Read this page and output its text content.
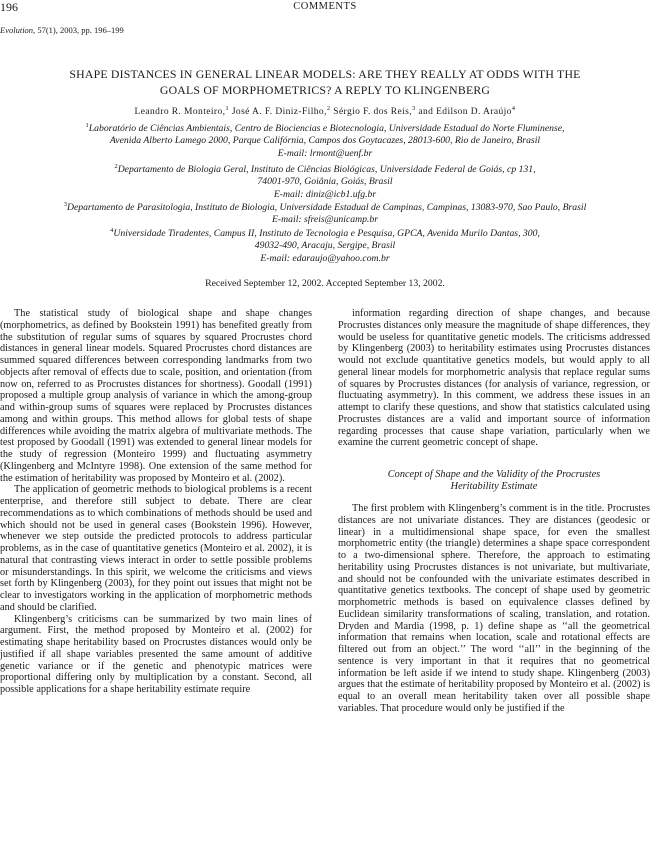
196	COMMENTS
Evolution, 57(1), 2003, pp. 196–199
SHAPE DISTANCES IN GENERAL LINEAR MODELS: ARE THEY REALLY AT ODDS WITH THE
GOALS OF MORPHOMETRICS? A REPLY TO KLINGENBERG
Leandro R. Monteiro,$^1$ José A. F. Diniz-Filho,$^2$ Sérgio F. dos Reis,$^3$ and Edilson D. Araújo$^4$
$^1$Laboratório de Ciências Ambientais, Centro de Biociencias e Biotecnologia, Universidade Estadual do Norte Fluminense,
Avenida Alberto Lamego 2000, Parque Califórnia, Campos dos Goytacazes, 28013-600, Rio de Janeiro, Brasil
E-mail: lrmont@uenf.br
$^2$Departamento de Biologia Geral, Instituto de Ciências Biológicas, Universidade Federal de Goiás, cp 131,
74001-970, Goiânia, Goiás, Brasil
E-mail: diniz@icb1.ufg.br
$^3$Departamento de Parasitologia, Instituto de Biologia, Universidade Estadual de Campinas, Campinas, 13083-970, Sao Paulo, Brasil
E-mail: sfreis@unicamp.br
$^4$Universidade Tiradentes, Campus II, Instituto de Tecnologia e Pesquisa, GPCA, Avenida Murilo Dantas, 300,
49032-490, Aracaju, Sergipe, Brasil
E-mail: edaraujo@yahoo.com.br
Received September 12, 2002. Accepted September 13, 2002.

The statistical study of biological shape and shape changes (morphometrics, as defined by Bookstein 1991) has benefited greatly from the substitution of regular sums of squares by squared Procrustes chord distances in general linear models. Squared Procrustes chord distances are summed squared differences between corresponding landmarks from two objects after removal of effects due to scale, position, and orientation (from now on, referred to as Procrustes distances for shortness). Goodall (1991) proposed a multiple group analysis of variance in which the among-group and within-group sums of squares were replaced by Procrustes distances among and within groups. This method allows for global tests of shape differences while avoiding the matrix algebra of multivariate methods. The test proposed by Goodall (1991) was extended to general linear models for the study of regression (Monteiro 1999) and fluctuating asymmetry (Klingenberg and McIntyre 1998). One extension of the same method for the estimation of heritability was proposed by Monteiro et al. (2002).

The application of geometric methods to biological problems is a recent enterprise, and therefore still subject to debate. There are clear recommendations as to which combinations of methods should be used and which should not be used in general cases (Bookstein 1996). However, whenever we step outside the predicted protocols to address particular problems, as in the case of quantitative genetics (Monteiro et al. 2002), it is natural that contrasting views interact in order to settle possible problems or misunderstandings. In this spirit, we welcome the criticisms and views set forth by Klingenberg (2003), for they point out issues that might not be clear to investigators working in the application of morphometric methods and should be clarified.

Klingenberg’s criticisms can be summarized by two main lines of argument. First, the method proposed by Monteiro et al. (2002) for estimating shape heritability based on Procrustes distances would only be justified if all shape variables presented the same amount of additive genetic variance or if the genetic and phenotypic matrices were proportional differing only by multiplication by a constant. Second, all possible applications for a shape heritability estimate require

information regarding direction of shape changes, and because Procrustes distances only measure the magnitude of shape differences, they would be useless for quantitative genetic models. The criticisms addressed by Klingenberg (2003) to heritability estimates using Procrustes distances would not exclude quantitative genetics models, but would apply to all general linear models for morphometric analysis that replace regular sums of squares by Procrustes distances (for analysis of variance, regression, or fluctuating asymmetry). In this comment, we address these issues in an attempt to clarify these questions, and show that statistics calculated using Procrustes distances are a valid and important source of information regarding processes that cause shape variation, particularly when we examine the current geometric concept of shape.

Concept of Shape and the Validity of the Procrustes
Heritability Estimate

The first problem with Klingenberg’s comment is in the title. Procrustes distances are not univariate distances. They are distances (geodesic or linear) in a multidimensional shape space, for even the smallest morphometric entity (the triangle) determines a shape space correspondent to a two-dimensional sphere. Therefore, the approach to estimating heritability using Procrustes distances is not univariate, but multivariate, and should not be confounded with the univariate estimates described in quantitative genetics textbooks. The concept of shape used by geometric morphometric methods is based on equivalence classes defined by Euclidean similarity transformations of scaling, translation, and rotation. Dryden and Mardia (1998, p. 1) define shape as ‘‘all the geometrical information that remains when location, scale and rotational effects are filtered out from an object.’’ The word ‘‘all’’ in the beginning of the sentence is very important in that it requires that no geometrical information be left aside if we intend to study shape. Klingenberg (2003) argues that the estimate of heritability proposed by Monteiro et al. (2002) is equal to an overall mean heritability taken over all possible shape variables. That procedure would only be justified if the
